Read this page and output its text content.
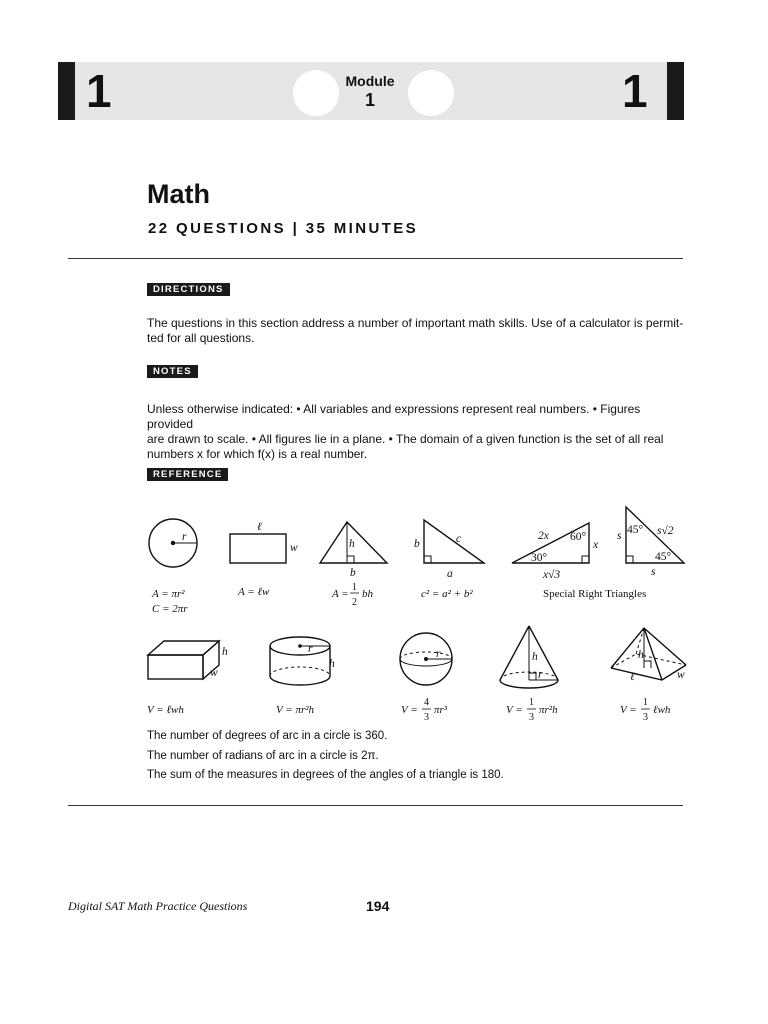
1	1
Module
1
Math
22 QUESTIONS | 35 MINUTES
DIRECTIONS
The questions in this section address a number of important math skills. Use of a calculator is permit-
ted for all questions.
NOTES
Unless otherwise indicated: • All variables and expressions represent real numbers. • Figures provided
are drawn to scale. • All figures lie in a plane. • The domain of a given function is the set of all real
numbers x for which f(x) is a real number.
REFERENCE
r
ℓ
w	h
b
b	c
a
2x 60°
x
30°
x√3
45° s√2
s
45°
s
h
w
r
h
r	h
r
h
w
ℓ
A = πr²
C = 2πr
A = ℓw	A =
1
2
bh	c² = a² + b²	Special Right Triangles
V = ℓwh	V = πr²h	V =
4
3
πr³	V =
1
3
πr²h	V =
1
3
ℓwh
The number of degrees of arc in a circle is 360.
The number of radians of arc in a circle is 2π.
The sum of the measures in degrees of the angles of a triangle is 180.
Digital SAT Math Practice Questions	194
